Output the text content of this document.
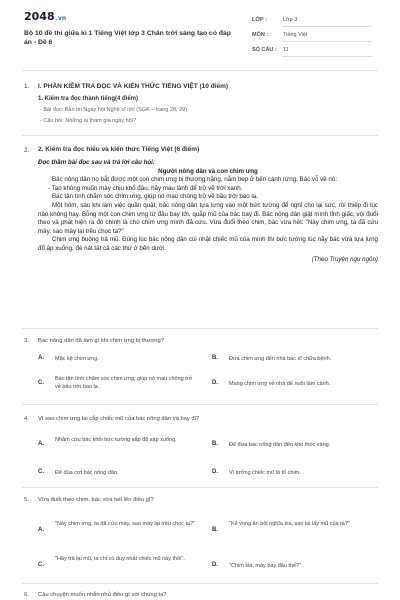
2048.vn
Bộ 10 đề thi giữa kì 1 Tiếng Việt lớp 3 Chân trời sáng tạo có đáp án - Đề 6
LỚP :	Lớp 3
MÔN :	Tiếng Việt
SỐ CÂU : 11
1. I. PHẦN KIỂM TRA ĐỌC VÀ KIẾN THỨC TIẾNG VIỆT (10 điểm)
1. Kiểm tra đọc thành tiếng(4 điểm)
- Bài đọc: Bản tin Ngày hội Nghệ sĩ nhí (SGK – trang 28, 29)
- Câu hỏi: Những ai tham gia ngày hội?
2. 2. Kiểm tra đọc hiểu và kiến thức Tiếng Việt (6 điểm)
Đọc thầm bài đọc sau và trả lời câu hỏi:
Người nông dân và con chim ưng

Bác nông dân nọ bắt được một con chim ưng bị thương nặng, nằm bẹp ở bên cánh rừng. Bác vỗ về nó:

- Tao không muốn mày chịu khổ đâu, hãy mau lành để trở về trời xanh.

Bác tận tình chăm sóc chim ưng, giúp nó mau chóng trở về bầu trời bao la.

Một hôm, sau khi làm việc quần quật, bác nông dân tựa lưng vào một bức tường để nghỉ cho lại sức, rồi thiếp đi lúc nào không hay. Bỗng một con chim ưng từ đâu bay tới, quắp mũ của bác bay đi. Bác nông dân giật mình tỉnh giấc, vội đuổi theo và phát hiện ra đó chính là chú chim ưng mình đã cứu. Vừa đuổi theo chim, bác vừa hét: "Này chim ưng, ta đã cứu mày, sao mày lại trêu chọc ta?"

Chim ưng buông trả mũ. Đúng lúc bác nông dân cúi nhặt chiếc mũ của mình thì bức tường lúc nãy bác vừa tựa lưng đổ ập xuống, đè nát tất cả các thứ ở bên dưới.

(Theo Truyện ngụ ngôn)
3. Bác nông dân đã làm gì khi chim ưng bị thương?
A. Mặc kệ chim ưng.	B. Đưa chim ưng đến nhà bác sĩ chữa bệnh.
C.
Bác tận tình chăm sóc chim ưng, giúp nó mau chóng trở về bầu trời bao la.
D. Mang chim ưng về nhà để nuôi làm cảnh.
4. Vì sao chim ưng lại cắp chiếc mũ của bác nông dân và bay đi?
A.
Nhằm cứu bác khỏi bức tường sắp đổ sập xuống.
B. Để đưa bác nông dân đến kho thóc vàng.
C. Để đùa cợt bác nông dân.	D. Vì tưởng chiếc mũ là tổ chim.
5. Vừa đuổi theo chim, bác vừa hét lên điều gì?
A.
"Này chim ưng, ta đã cứu mày, sao mày lại trêu chọc ta?"
B.
"Kẻ vong ân bội nghĩa kia, sao lại lấy mũ của ta?"
C.
"Hãy trả lại mũ, ta chỉ có duy nhất chiếc mũ này thôi".
D. "Chim kia, mày bay đâu thế?"
6. Câu chuyện muốn nhắn nhủ điều gì với chúng ta?
